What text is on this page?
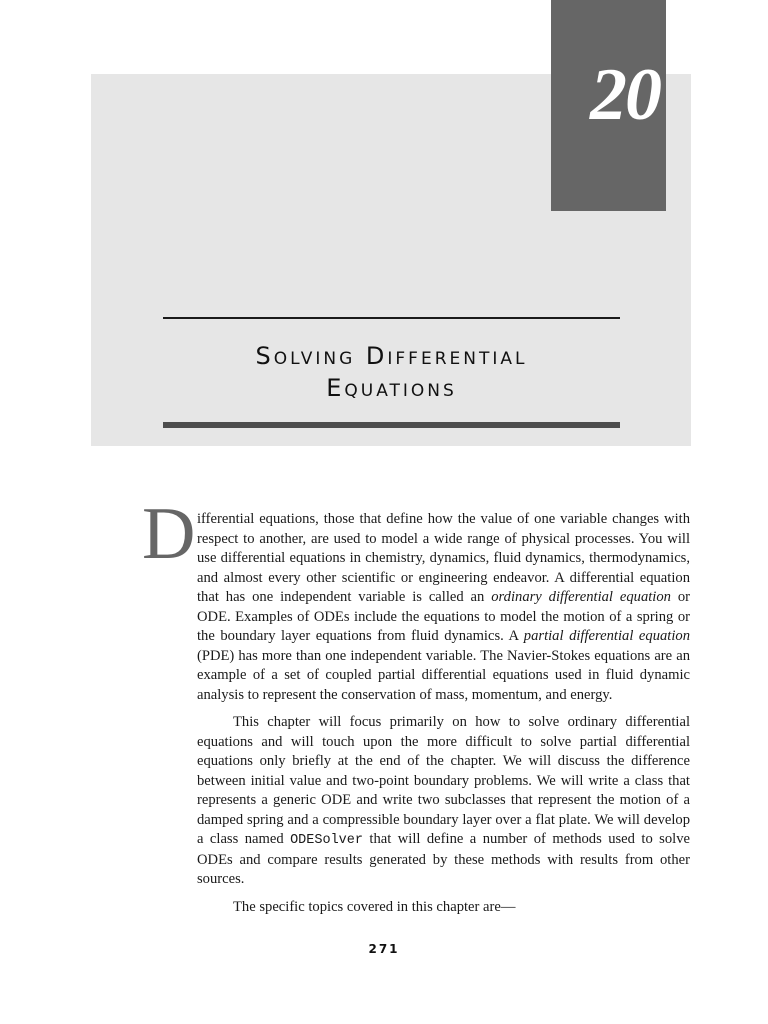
20
Solving Differential
Equations
D ifferential equations, those that define how the value of one variable changes with respect to another, are used to model a wide range of physical processes. You will use differential equations in chemistry, dynamics, fluid dynamics, thermodynamics, and almost every other scientific or engineering endeavor. A differential equation that has one independent variable is called an ordinary differential equation or ODE. Examples of ODEs include the equations to model the motion of a spring or the boundary layer equations from fluid dynamics. A partial differential equation (PDE) has more than one independent variable. The Navier-Stokes equations are an example of a set of coupled partial differential equations used in fluid dynamic analysis to represent the conservation of mass, momentum, and energy.

This chapter will focus primarily on how to solve ordinary differential equations and will touch upon the more difficult to solve partial differential equations only briefly at the end of the chapter. We will discuss the difference between initial value and two-point boundary problems. We will write a class that represents a generic ODE and write two subclasses that represent the motion of a damped spring and a compressible boundary layer over a flat plate. We will develop a class named ODESolver that will define a number of methods used to solve ODEs and compare results generated by these methods with results from other sources.

The specific topics covered in this chapter are—

271
